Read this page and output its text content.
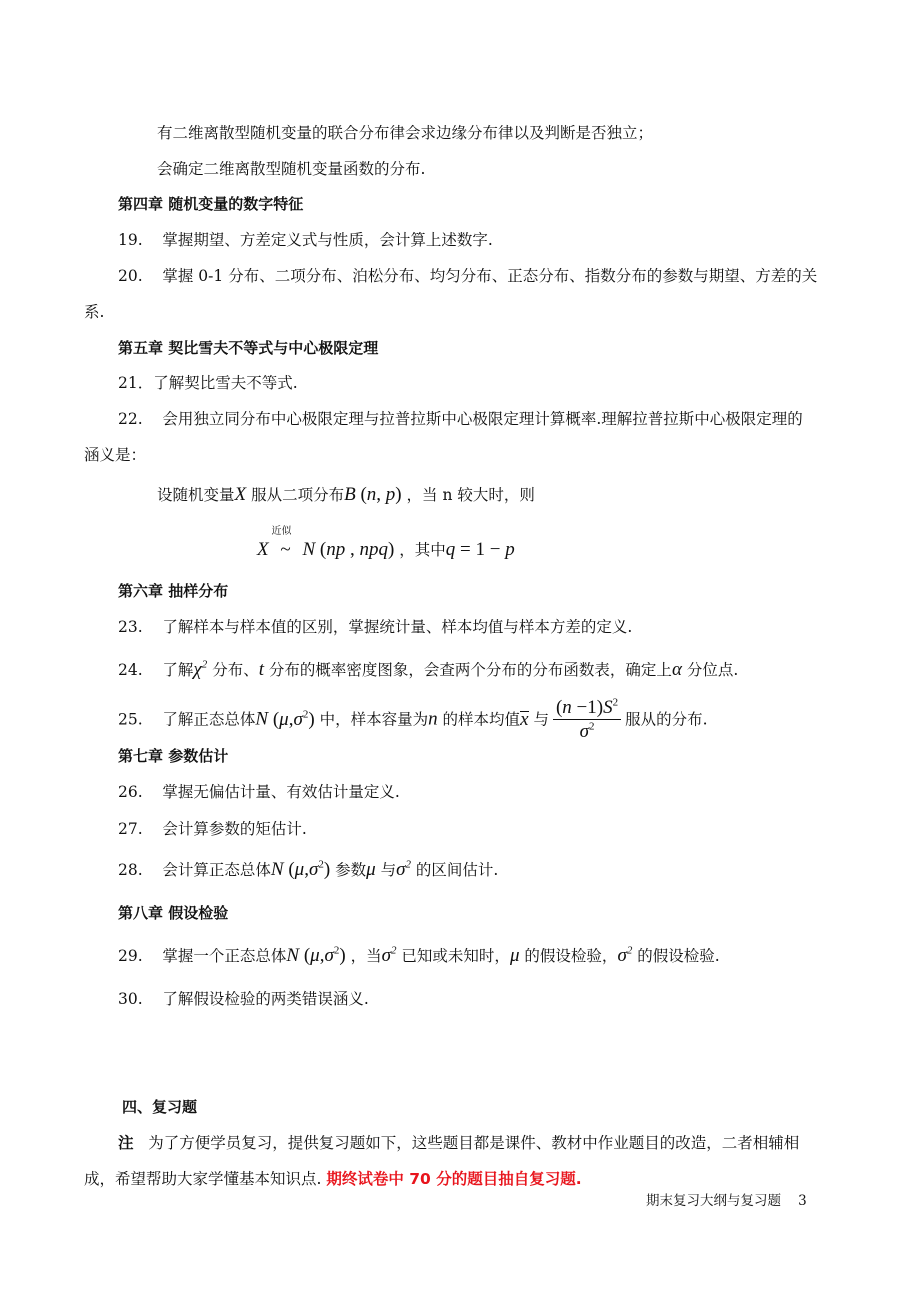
有二维离散型随机变量的联合分布律会求边缘分布律以及判断是否独立；
会确定二维离散型随机变量函数的分布.
第四章 随机变量的数字特征
19. 掌握期望、方差定义式与性质，会计算上述数字.
20. 掌握 0-1 分布、二项分布、泊松分布、均匀分布、正态分布、指数分布的参数与期望、方差的关
系.
第五章 契比雪夫不等式与中心极限定理
21．了解契比雪夫不等式.
22. 会用独立同分布中心极限定理与拉普拉斯中心极限定理计算概率.理解拉普拉斯中心极限定理的
涵义是：
设随机变量X 服从二项分布B (n, p) ，当 n 较大时，则
X
近似
~ N (np , npq) ，其中q = 1 − p
第六章 抽样分布
23. 了解样本与样本值的区别，掌握统计量、样本均值与样本方差的定义.
24. 了解$\chi^2$ 分布、t 分布的概率密度图象，会查两个分布的分布函数表，确定上α 分位点.
25. 了解正态总体N $(\mu,\sigma^2)$ 中，样本容量为n 的样本均值x 与 $\frac{(n -1)S^2}{\sigma^2}$ 服从的分布.
第七章 参数估计
26. 掌握无偏估计量、有效估计量定义.
27. 会计算参数的矩估计.
28. 会计算正态总体N $(\mu,\sigma^2)$ 参数μ 与$\sigma^2$ 的区间估计.
第八章 假设检验
29. 掌握一个正态总体N $(\mu,\sigma^2)$ ，当$\sigma^2$ 已知或未知时，μ 的假设检验，$\sigma^2$ 的假设检验.
30. 了解假设检验的两类错误涵义.
四、复习题
注 为了方便学员复习，提供复习题如下，这些题目都是课件、教材中作业题目的改造，二者相辅相
成，希望帮助大家学懂基本知识点. 期终试卷中 70 分的题目抽自复习题.
期末复习大纲与复习题 3
